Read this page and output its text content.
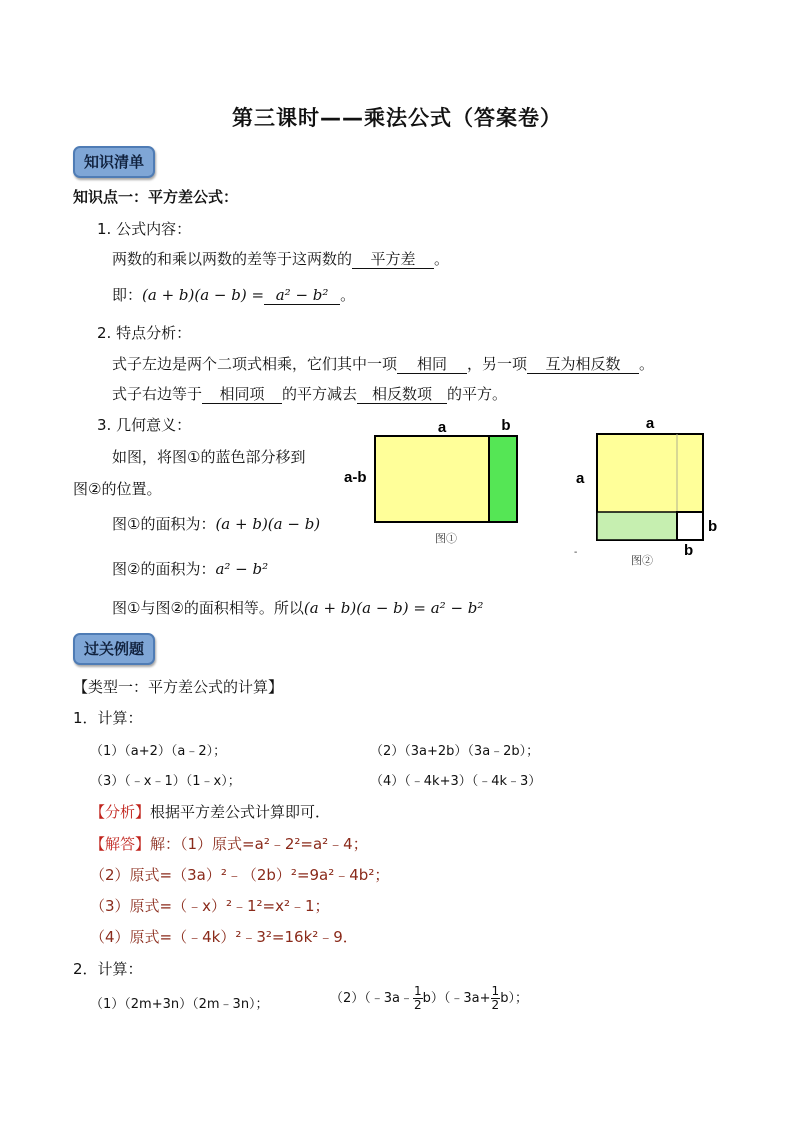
第三课时——乘法公式（答案卷）
知识清单
知识点一：平方差公式：
1. 公式内容：
两数的和乘以两数的差等于这两数的 平方差 。
即：(a + b)(a − b) = a² − b² 。
2. 特点分析：
式子左边是两个二项式相乘，它们其中一项 相同 ，另一项 互为相反数 。
式子右边等于 相同项 的平方减去 相反数项 的平方。
3. 几何意义：
如图，将图①的蓝色部分移到
图②的位置。
图①的面积为：(a + b)(a − b)
图②的面积为：a² − b²
图①与图②的面积相等。所以(a + b)(a − b) = a² − b²
a	b
a-b
图①
a
a
b
b
-
图②
过关例题
【类型一：平方差公式的计算】
1．计算：
（1）（a+2）（a﹣2）；	（2）（3a+2b）（3a﹣2b）；
（3）（﹣x﹣1）（1﹣x）；	（4）（﹣4k+3）（﹣4k﹣3）
【分析】根据平方差公式计算即可．
【解答】解：（1）原式=a²﹣2²=a²﹣4；
（2）原式=（3a）²﹣（2b）²=9a²﹣4b²；
（3）原式=（﹣x）²﹣1²=x²﹣1；
（4）原式=（﹣4k）²﹣3²=16k²﹣9．
2．计算：
（1）（2m+3n）（2m﹣3n）；	（2）（﹣3a﹣ $\frac{1}{2}$ b）（﹣3a+ $\frac{1}{2} b$）；
